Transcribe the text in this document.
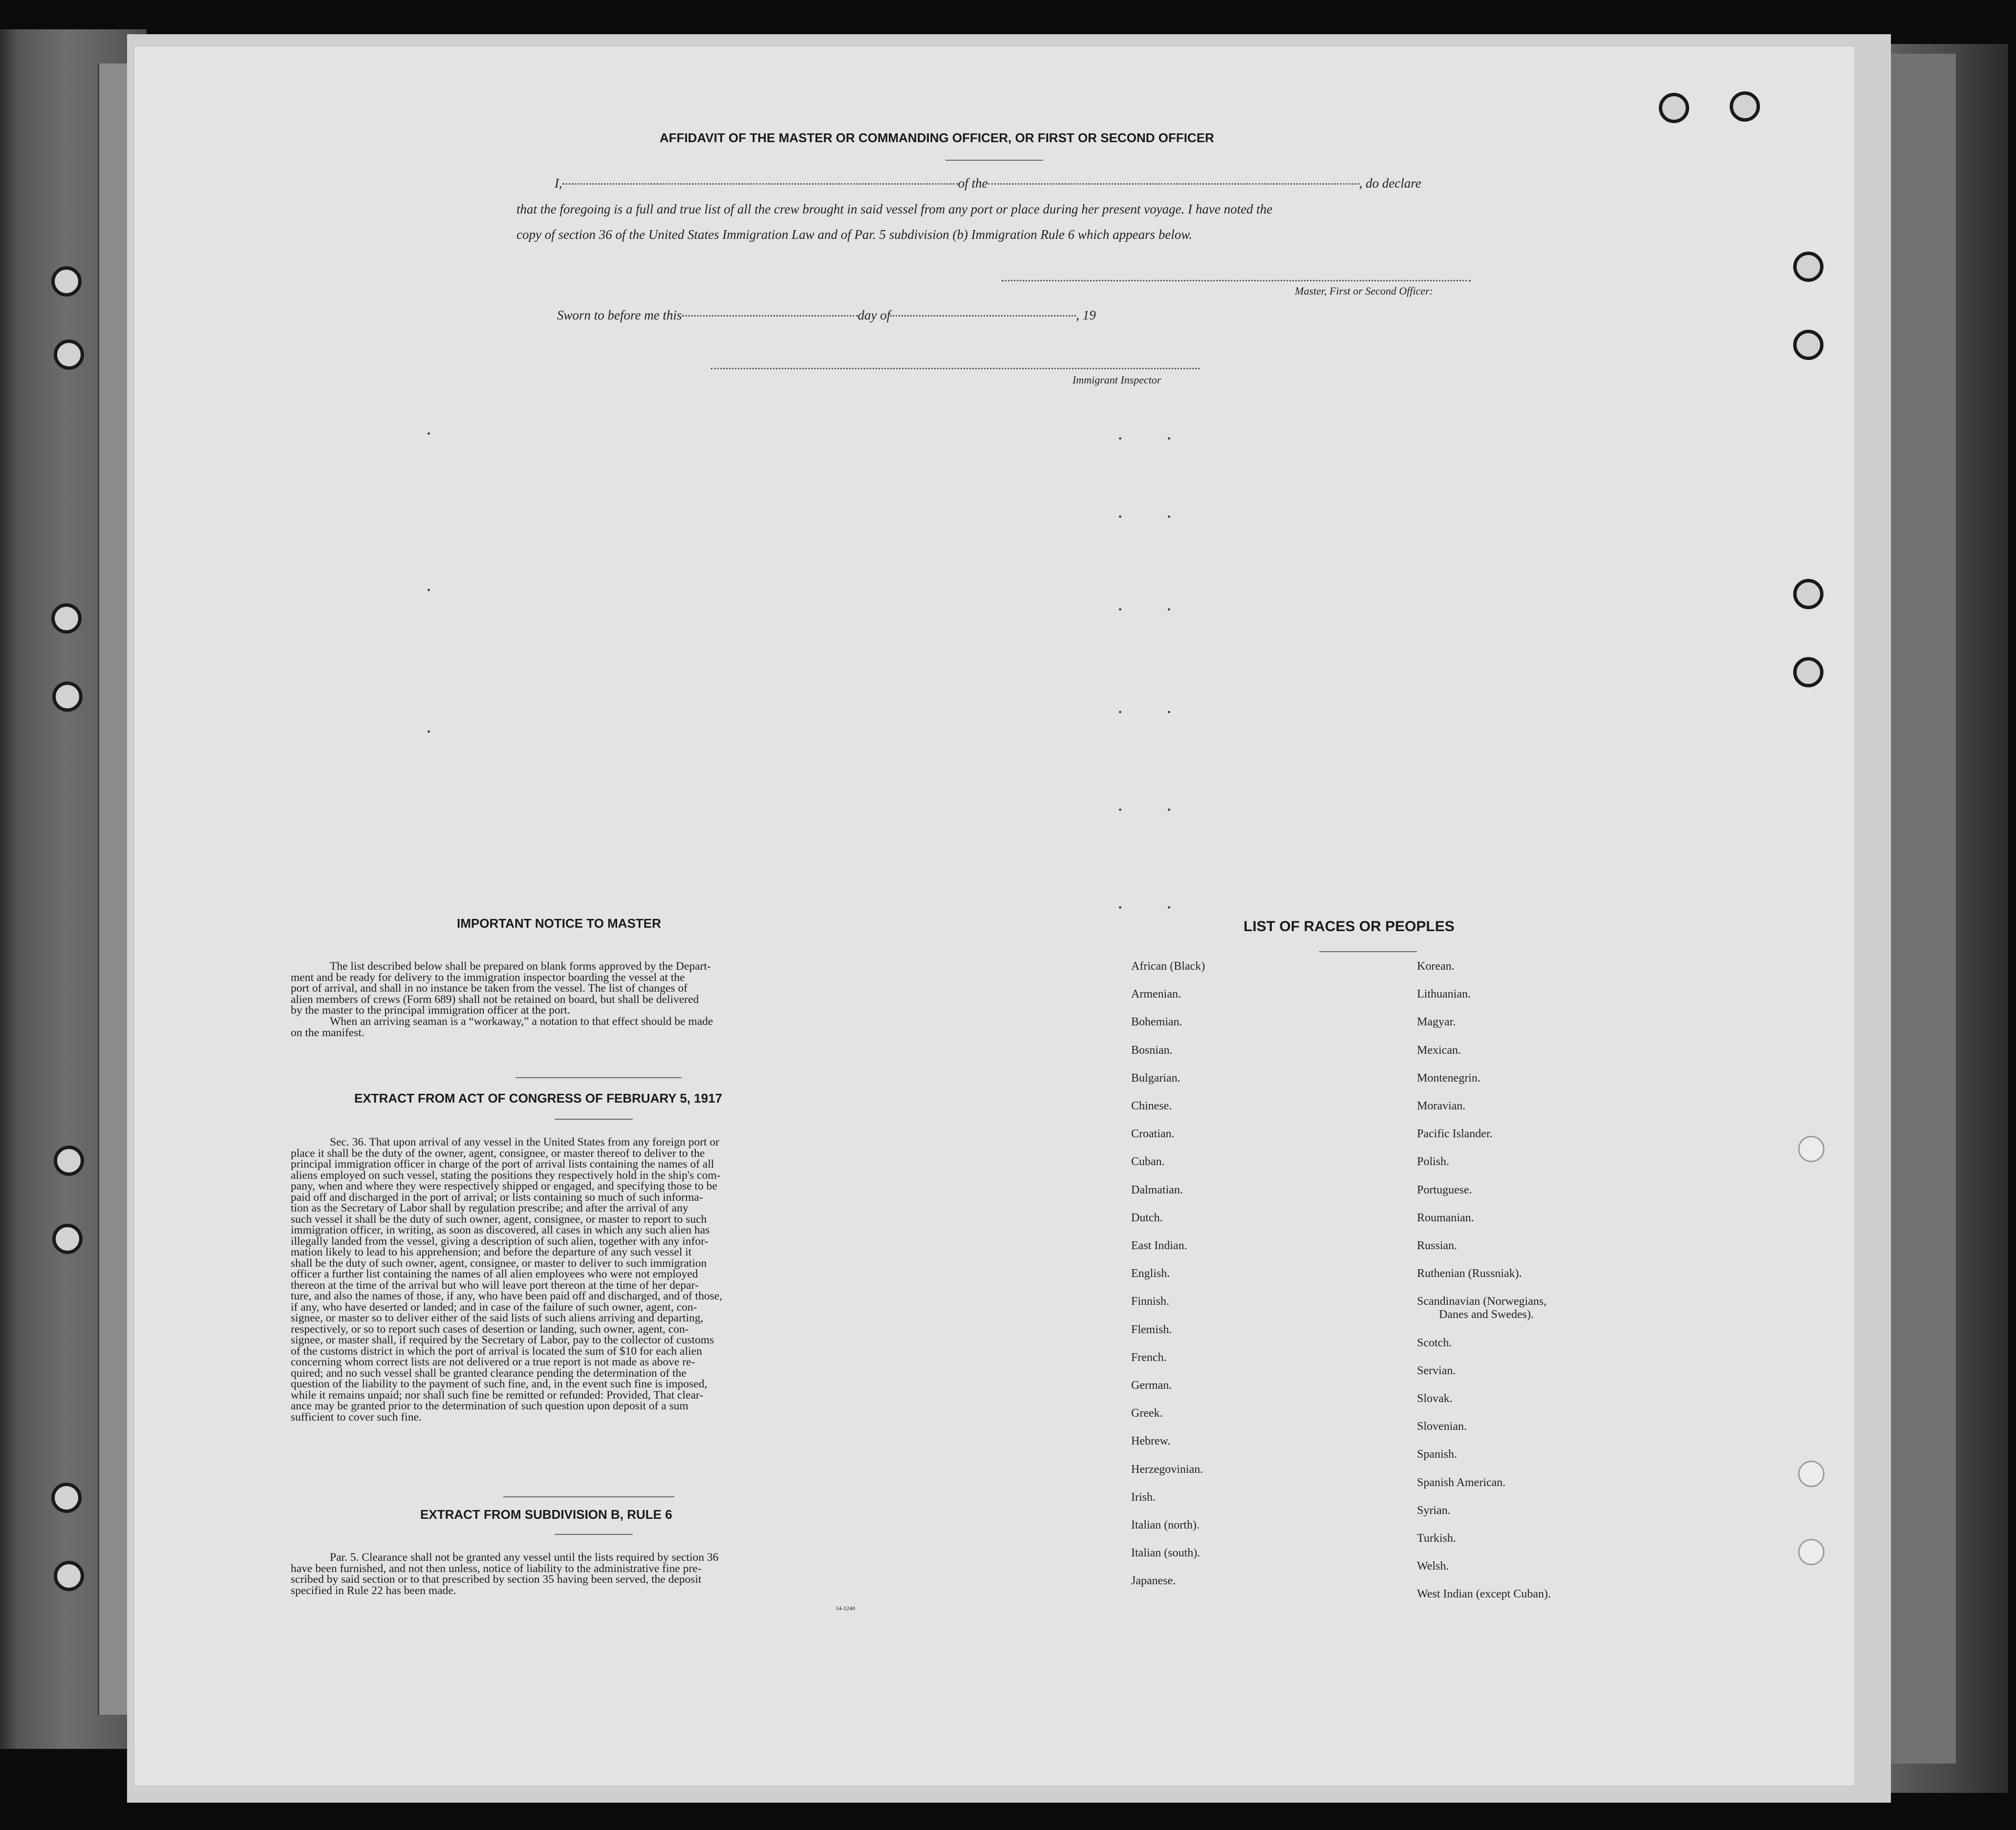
AFFIDAVIT OF THE MASTER OR COMMANDING OFFICER, OR FIRST OR SECOND OFFICER
I,	of the	, do declare
that the foregoing is a full and true list of all the crew brought in said vessel from any port or place during her present voyage. I have noted the
copy of section 36 of the United States Immigration Law and of Par. 5 subdivision (b) Immigration Rule 6 which appears below.
Master, First or Second Officer:
Sworn to before me this	day of	, 19
Immigrant Inspector
IMPORTANT NOTICE TO MASTER
The list described below shall be prepared on blank forms approved by the Depart-
ment and be ready for delivery to the immigration inspector boarding the vessel at the
port of arrival, and shall in no instance be taken from the vessel. The list of changes of
alien members of crews (Form 689) shall not be retained on board, but shall be delivered
by the master to the principal immigration officer at the port.
When an arriving seaman is a “workaway,” a notation to that effect should be made
on the manifest.
EXTRACT FROM ACT OF CONGRESS OF FEBRUARY 5, 1917
Sec. 36. That upon arrival of any vessel in the United States from any foreign port or
place it shall be the duty of the owner, agent, consignee, or master thereof to deliver to the
principal immigration officer in charge of the port of arrival lists containing the names of all
aliens employed on such vessel, stating the positions they respectively hold in the ship's com-
pany, when and where they were respectively shipped or engaged, and specifying those to be
paid off and discharged in the port of arrival; or lists containing so much of such informa-
tion as the Secretary of Labor shall by regulation prescribe; and after the arrival of any
such vessel it shall be the duty of such owner, agent, consignee, or master to report to such
immigration officer, in writing, as soon as discovered, all cases in which any such alien has
illegally landed from the vessel, giving a description of such alien, together with any infor-
mation likely to lead to his apprehension; and before the departure of any such vessel it
shall be the duty of such owner, agent, consignee, or master to deliver to such immigration
officer a further list containing the names of all alien employees who were not employed
thereon at the time of the arrival but who will leave port thereon at the time of her depar-
ture, and also the names of those, if any, who have been paid off and discharged, and of those,
if any, who have deserted or landed; and in case of the failure of such owner, agent, con-
signee, or master so to deliver either of the said lists of such aliens arriving and departing,
respectively, or so to report such cases of desertion or landing, such owner, agent, con-
signee, or master shall, if required by the Secretary of Labor, pay to the collector of customs
of the customs district in which the port of arrival is located the sum of $10 for each alien
concerning whom correct lists are not delivered or a true report is not made as above re-
quired; and no such vessel shall be granted clearance pending the determination of the
question of the liability to the payment of such fine, and, in the event such fine is imposed,
while it remains unpaid; nor shall such fine be remitted or refunded: Provided, That clear-
ance may be granted prior to the determination of such question upon deposit of a sum
sufficient to cover such fine.
EXTRACT FROM SUBDIVISION B, RULE 6
Par. 5. Clearance shall not be granted any vessel until the lists required by section 36
have been furnished, and not then unless, notice of liability to the administrative fine pre-
scribed by said section or to that prescribed by section 35 having been served, the deposit
specified in Rule 22 has been made.
14-1240
LIST OF RACES OR PEOPLES
African (Black)
Armenian.
Bohemian.
Bosnian.
Bulgarian.
Chinese.
Croatian.
Cuban.
Dalmatian.
Dutch.
East Indian.
English.
Finnish.
Flemish.
French.
German.
Greek.
Hebrew.
Herzegovinian.
Irish.
Italian (north).
Italian (south).
Japanese.
Korean.
Lithuanian.
Magyar.
Mexican.
Montenegrin.
Moravian.
Pacific Islander.
Polish.
Portuguese.
Roumanian.
Russian.
Ruthenian (Russniak).
Scandinavian (Norwegians,
Danes and Swedes).
Scotch.
Servian.
Slovak.
Slovenian.
Spanish.
Spanish American.
Syrian.
Turkish.
Welsh.
West Indian (except Cuban).
